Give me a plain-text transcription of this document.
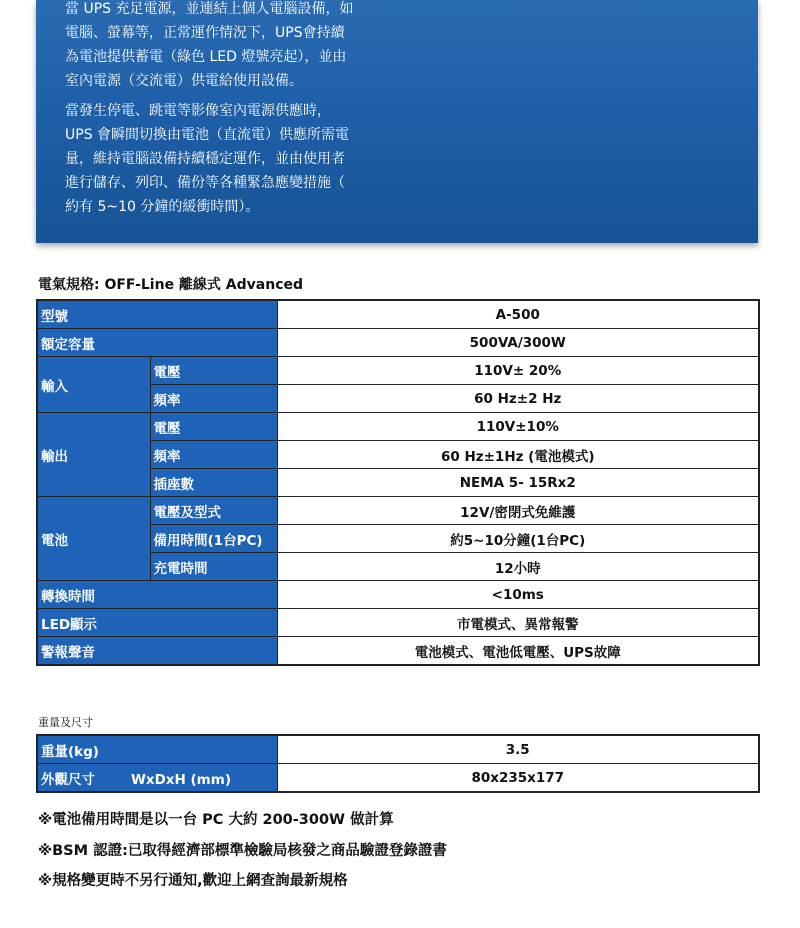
當 UPS 充足電源，並連結上個人電腦設備，如
電腦、螢幕等，正常運作情況下，UPS會持續
為電池提供蓄電（綠色 LED 燈號亮起），並由
室內電源（交流電）供電給使用設備。

當發生停電、跳電等影像室內電源供應時，
UPS 會瞬間切換由電池（直流電）供應所需電
量，維持電腦設備持續穩定運作，並由使用者
進行儲存、列印、備份等各種緊急應變措施（
約有 5~10 分鐘的緩衝時間）。

電氣規格: OFF-Line 離線式 Advanced
型號		A-500
額定容量		500VA/300W
輸入	電壓	110V± 20%
	頻率	60 Hz±2 Hz
輸出	電壓	110V±10%
	頻率	60 Hz±1Hz (電池模式)
	插座數	NEMA 5- 15Rx2
電池	電壓及型式	12V/密閉式免維護
	備用時間(1台PC)	約5~10分鐘(1台PC)
	充電時間	12小時
轉換時間		<10ms
LED顯示		市電模式、異常報警
警報聲音		電池模式、電池低電壓、UPS故障
重量及尺寸
重量(kg)	3.5
外觀尺寸 WxDxH (mm)	80x235x177
※電池備用時間是以一台 PC 大約 200-300W 做計算
※BSM 認證:已取得經濟部標準檢驗局核發之商品驗證登錄證書
※規格變更時不另行通知,歡迎上網查詢最新規格
